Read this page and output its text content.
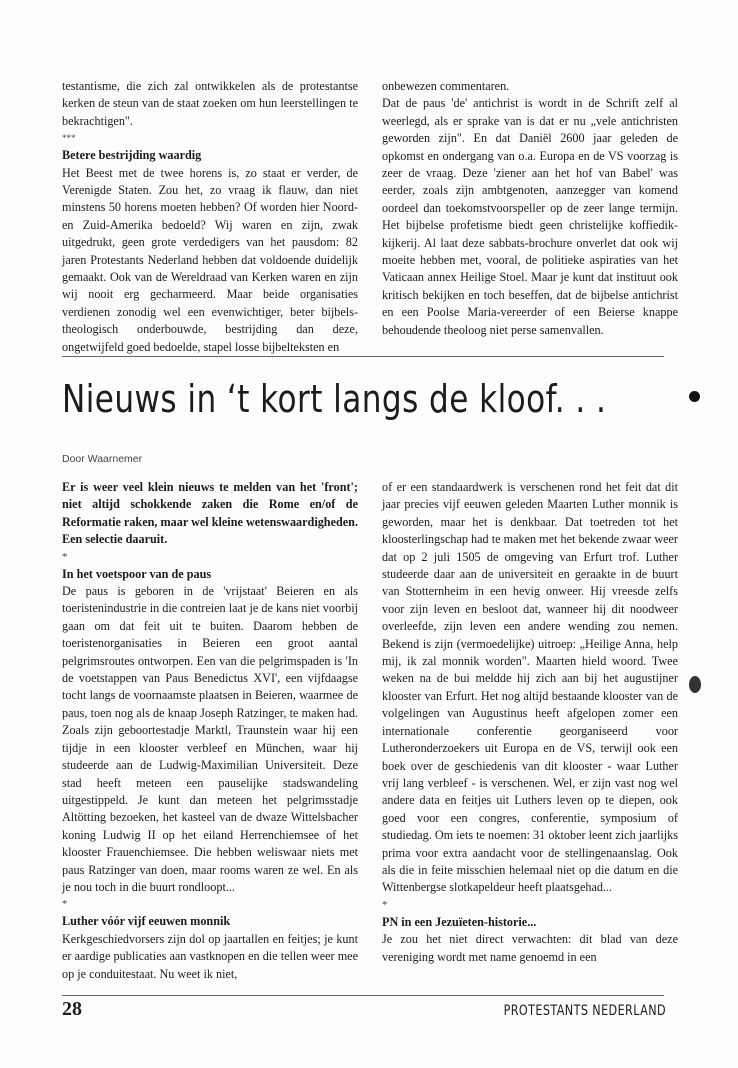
testantisme, die zich zal ontwikkelen als de protestantse kerken de steun van de staat zoeken om hun leerstellingen te bekrachtigen".

***

Betere bestrijding waardig

Het Beest met de twee horens is, zo staat er verder, de Verenigde Staten. Zou het, zo vraag ik flauw, dan niet minstens 50 horens moeten hebben? Of worden hier Noord- en Zuid-Amerika bedoeld? Wij waren en zijn, zwak uitgedrukt, geen grote verdedigers van het pausdom: 82 jaren Protestants Nederland hebben dat voldoende duidelijk gemaakt. Ook van de Wereldraad van Kerken waren en zijn wij nooit erg gecharmeerd. Maar beide organisaties verdienen zonodig wel een evenwichtiger, beter bijbels-theologisch onderbouwde, bestrijding dan deze, ongetwijfeld goed bedoelde, stapel losse bijbelteksten en

onbewezen commentaren.

Dat de paus 'de' antichrist is wordt in de Schrift zelf al weerlegd, als er sprake van is dat er nu „vele antichristen geworden zijn". En dat Daniël 2600 jaar geleden de opkomst en ondergang van o.a. Europa en de VS voorzag is zeer de vraag. Deze 'ziener aan het hof van Babel' was eerder, zoals zijn ambtgenoten, aanzegger van komend oordeel dan toekomstvoorspeller op de zeer lange termijn. Het bijbelse profetisme biedt geen christelijke koffiedik-kijkerij. Al laat deze sabbats-brochure onverlet dat ook wij moeite hebben met, vooral, de politieke aspiraties van het Vaticaan annex Heilige Stoel. Maar je kunt dat instituut ook kritisch bekijken en toch beseffen, dat de bijbelse antichrist en een Poolse Maria-vereerder of een Beierse knappe behoudende theoloog niet perse samenvallen.

Nieuws in ‘t kort langs de kloof. . .
Door Waarnemer

Er is weer veel klein nieuws te melden van het 'front'; niet altijd schokkende zaken die Rome en/of de Reformatie raken, maar wel kleine wetenswaardigheden. Een selectie daaruit.

*

In het voetspoor van de paus

De paus is geboren in de 'vrijstaat' Beieren en als toeristenindustrie in die contreien laat je de kans niet voorbij gaan om dat feit uit te buiten. Daarom hebben de toeristenorganisaties in Beieren een groot aantal pelgrimsroutes ontworpen. Een van die pelgrimspaden is 'In de voetstappen van Paus Benedictus XVI', een vijfdaagse tocht langs de voornaamste plaatsen in Beieren, waarmee de paus, toen nog als de knaap Joseph Ratzinger, te maken had. Zoals zijn geboortestadje Marktl, Traunstein waar hij een tijdje in een klooster verbleef en München, waar hij studeerde aan de Ludwig-Maximilian Universiteit. Deze stad heeft meteen een pauselijke stadswandeling uitgestippeld. Je kunt dan meteen het pelgrimsstadje Altötting bezoeken, het kasteel van de dwaze Wittelsbacher koning Ludwig II op het eiland Herrenchiemsee of het klooster Frauenchiemsee. Die hebben weliswaar niets met paus Ratzinger van doen, maar rooms waren ze wel. En als je nou toch in die buurt rondloopt...

*

Luther vóór vijf eeuwen monnik

Kerkgeschiedvorsers zijn dol op jaartallen en feitjes; je kunt er aardige publicaties aan vastknopen en die tellen weer mee op je conduitestaat. Nu weet ik niet,

of er een standaardwerk is verschenen rond het feit dat dit jaar precies vijf eeuwen geleden Maarten Luther monnik is geworden, maar het is denkbaar. Dat toetreden tot het kloosterlingschap had te maken met het bekende zwaar weer dat op 2 juli 1505 de omgeving van Erfurt trof. Luther studeerde daar aan de universiteit en geraakte in de buurt van Stotternheim in een hevig onweer. Hij vreesde zelfs voor zijn leven en besloot dat, wanneer hij dit noodweer overleefde, zijn leven een andere wending zou nemen. Bekend is zijn (vermoedelijke) uitroep: „Heilige Anna, help mij, ik zal monnik worden". Maarten hield woord. Twee weken na de bui meldde hij zich aan bij het augustijner klooster van Erfurt. Het nog altijd bestaande klooster van de volgelingen van Augustinus heeft afgelopen zomer een internationale conferentie georganiseerd voor Lutheronderzoekers uit Europa en de VS, terwijl ook een boek over de geschiedenis van dit klooster - waar Luther vrij lang verbleef - is verschenen. Wel, er zijn vast nog wel andere data en feitjes uit Luthers leven op te diepen, ook goed voor een congres, conferentie, symposium of studiedag. Om iets te noemen: 31 oktober leent zich jaarlijks prima voor extra aandacht voor de stellingenaanslag. Ook als die in feite misschien helemaal niet op die datum en die Wittenbergse slotkapeldeur heeft plaatsgehad...

*

PN in een Jezuïeten-historie...

Je zou het niet direct verwachten: dit blad van deze vereniging wordt met name genoemd in een

28	PROTESTANTS NEDERLAND
